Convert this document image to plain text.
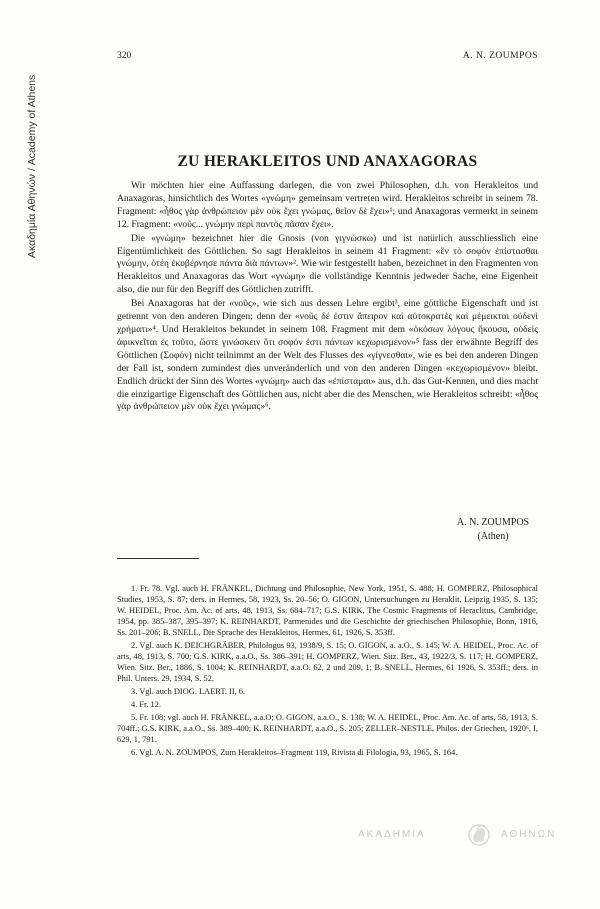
Ακαδημία Αθηνών / Academy of Athens
320	A. N. ZOUMPOS
ZU HERAKLEITOS UND ANAXAGORAS

Wir möchten hier eine Auffassung darlegen, die von zwei Philosophen, d.h. von Herakleitos und Anaxagoras, hinsichtlich des Wortes «γνώμη» gemeinsam vertreten wird. Herakleitos schreibt in seinem 78. Fragment: «ἦθος γὰρ ἀνθρώπειον μὲν οὐκ ἔχει γνώμας, θεῖον δὲ ἔχει»¹; und Anaxagoras vermerkt in seinem 12. Fragment: «νοῦς... γνώμην περὶ παντὸς πᾶσαν ἔχει».

Die «γνώμη» bezeichnet hier die Gnosis (von γιγνώσκω) und ist natürlich ausschliesslich eine Eigentümlichkeit des Göttlichen. So sagt Herakleitos in seinem 41 Fragment: «ἓν τὸ σοφὸν ἐπίστασθαι γνώμην, ὁτέη ἐκυβέρνησε πάντα διὰ πάντων»². Wie wir festgestellt haben, bezeichnet in den Fragmenten von Herakleitos und Anaxagoras das Wort «γνώμη» die vollständige Kenntnis jedweder Sache, eine Eigenheit also, die nur für den Begriff des Göttlichen zutrifft.

Bei Anaxagoras hat der «νοῦς», wie sich aus dessen Lehre ergibt³, eine göttliche Eigenschaft und ist getrennt von den anderen Dingen; denn der «νοῦς δέ ἐστιν ἄπειρον καὶ αὐτοκρατὲς καὶ μέμεικται οὐδενὶ χρήματι»⁴. Und Herakleitos bekundet in seinem 108. Fragment mit dem «ὁκόσων λόγους ἤκουσα, οὐδεὶς ἀφικνεῖται ἐς τοῦτο, ὥστε γινώσκειν ὅτι σοφόν ἐστι πάντων κεχωρισμένον»⁵ fass der erwähnte Begriff des Göttlichen (Σοφόν) nicht teilnimmt an der Welt des Flusses des «γίγνεσθαι», wie es bei den anderen Dingen der Fall ist, sondern zumindest dies unveränderlich und von den anderen Dingen «κεχωρισμένον» bleibt. Endlich drückt der Sinn des Wortes «γνώμη» auch das «ἐπίσταμαι» aus, d.h. das Gut-Kennen, und dies macht die einzigartige Eigenschaft des Göttlichen aus, nicht aber die des Menschen, wie Herakleitos schreibt: «ἦθος γὰρ ἀνθρώπειον μὲν οὐκ ἔχει γνώμας»⁶.

A. N. ZOUMPOS
(Athen)
1. Fr. 78. Vgl. auch H. FRÄNKEL, Dichtung und Philosophie, New York, 1951, S. 488; H. GOMPERZ, Philosophical Studies, 1953, S. 87; ders. in Hermes, 58, 1923, Ss. 20–56; O. GIGON, Untersuchungen zu Heraklit, Leipzig 1935, S. 135; W. HEIDEL, Proc. Am. Ac. of arts, 48, 1913, Ss. 684–717; G.S. KIRK, The Cosmic Fragments of Heraclitus, Cambridge, 1954, pp. 385–387, 395–397; K. REINHARDT, Parmenides und die Geschichte der griechischen Philosophie, Bonn, 1916, Ss. 201–206; B. SNELL, Die Sprache des Herakleitos, Hermes, 61, 1926, S. 353ff.
2. Vgl. auch K. DEICHGRÄBER, Philologus 93, 1938/9, S. 15; O. GIGON, a. a.O., S. 145; W. A. HEIDEL, Proc. Ac. of arts, 48, 1913, S. 700; G.S. KIRK, a.a.O., Ss. 386–391; H. GOMPERZ, Wien. Sitz. Ber., 43, 1922/3, S. 117; H. GOMPERZ, Wien. Sitz. Ber., 1886, S. 1004; K. REINHARDT, a.a.O. 62, 2 und 209, 1; B. SNELL, Hermes, 61 1926, S. 353ff.; ders. in Phil. Unters. 29, 1934, S. 52.
3. Vgl. auch DIOG. LAERT. II, 6.
4. Fr. 12.
5. Fr. 108; vgl. auch H. FRÄNKEL, a.a.O; O. GIGON, a.a.O., S. 138; W. A. HEIDEL, Proc. Am. Ac. of arts, 58, 1913, S. 704ff.; G.S. KIRK, a.a.O., Ss. 389–400; K. REINHARDT, a.a.O., S. 205; ZELLER–NESTLE, Philos. der Griechen, 1920⁶, I, 629, 1, 791.
6. Vgl. A. N. ZOUMPOS, Zum Herakleitos–Fragment 119, Rivista di Filologia, 93, 1965, S. 164.
ΑΚΑΔΗΜΙΑ	ΑΘΗΝΩΝ
